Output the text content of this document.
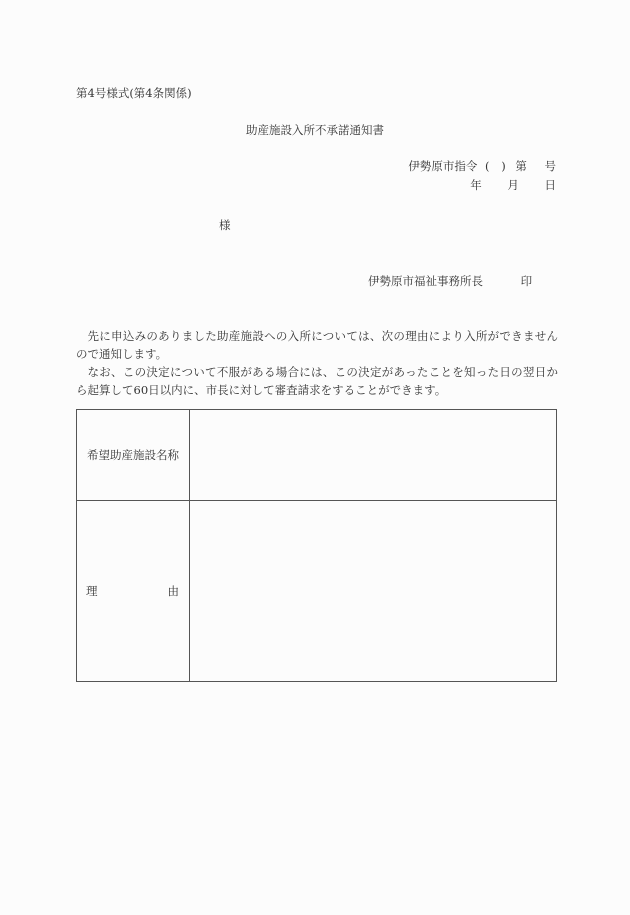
第4号様式(第4条関係)
助産施設入所不承諾通知書
伊勢原市指令 ( ) 第 号
年 月 日
様
伊勢原市福祉事務所長	印
先に申込みのありました助産施設への入所については、次の理由により入所ができませんので通知します。
なお、この決定について不服がある場合には、この決定があったことを知った日の翌日から起算して60日以内に、市長に対して審査請求をすることができます。
希望助産施設名称	

理 由	
